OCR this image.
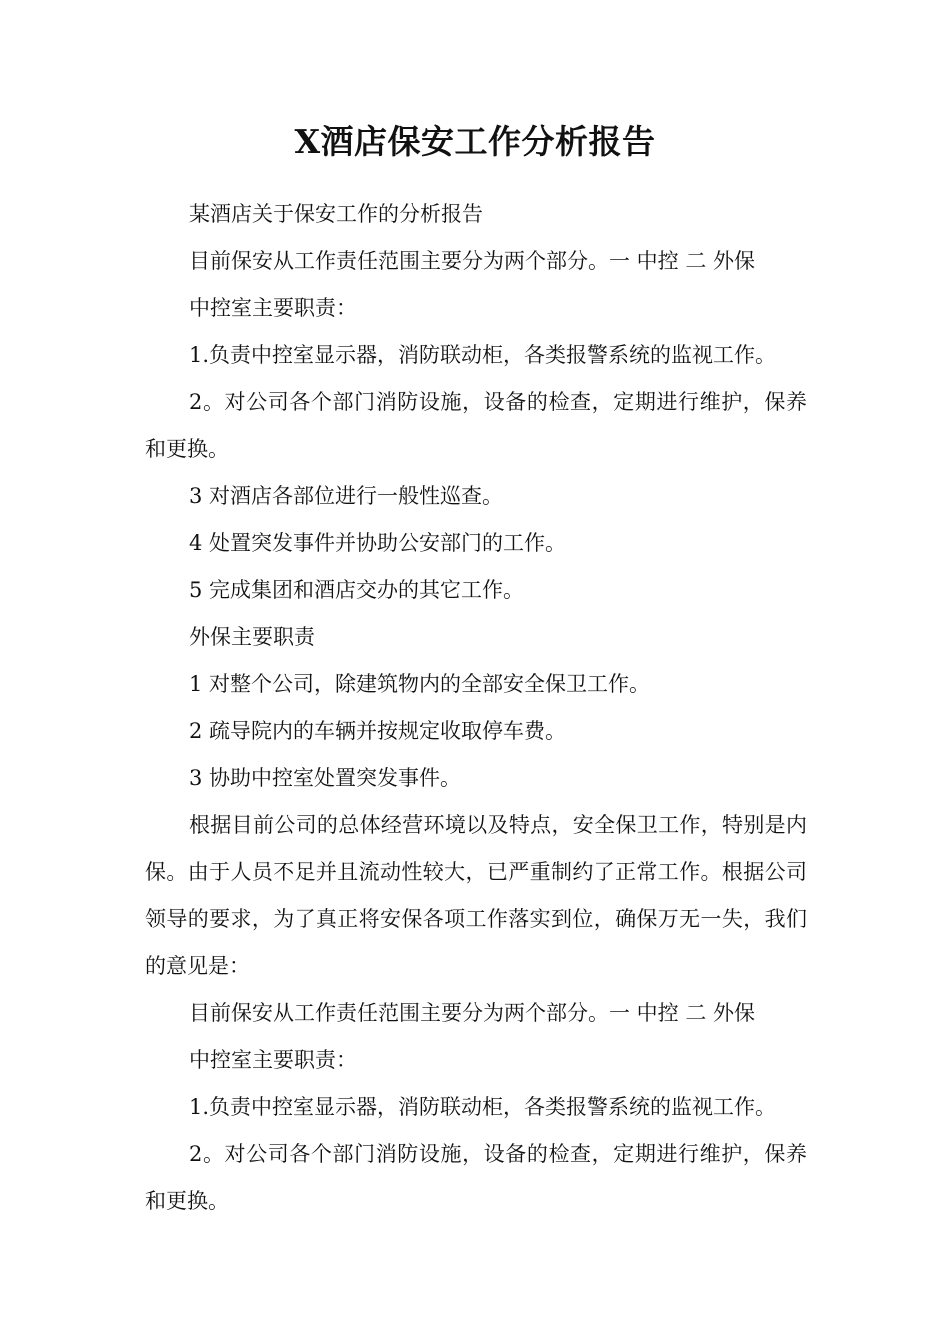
X酒店保安工作分析报告

某酒店关于保安工作的分析报告

目前保安从工作责任范围主要分为两个部分。一 中控 二 外保

中控室主要职责：

1.负责中控室显示器，消防联动柜，各类报警系统的监视工作。

2。对公司各个部门消防设施，设备的检查，定期进行维护，保养和更换。

3 对酒店各部位进行一般性巡查。

4 处置突发事件并协助公安部门的工作。

5 完成集团和酒店交办的其它工作。

外保主要职责

1 对整个公司，除建筑物内的全部安全保卫工作。

2 疏导院内的车辆并按规定收取停车费。

3 协助中控室处置突发事件。

根据目前公司的总体经营环境以及特点，安全保卫工作，特别是内保。由于人员不足并且流动性较大，已严重制约了正常工作。根据公司领导的要求，为了真正将安保各项工作落实到位，确保万无一失，我们的意见是：

目前保安从工作责任范围主要分为两个部分。一 中控 二 外保

中控室主要职责：

1.负责中控室显示器，消防联动柜，各类报警系统的监视工作。

2。对公司各个部门消防设施，设备的检查，定期进行维护，保养和更换。
